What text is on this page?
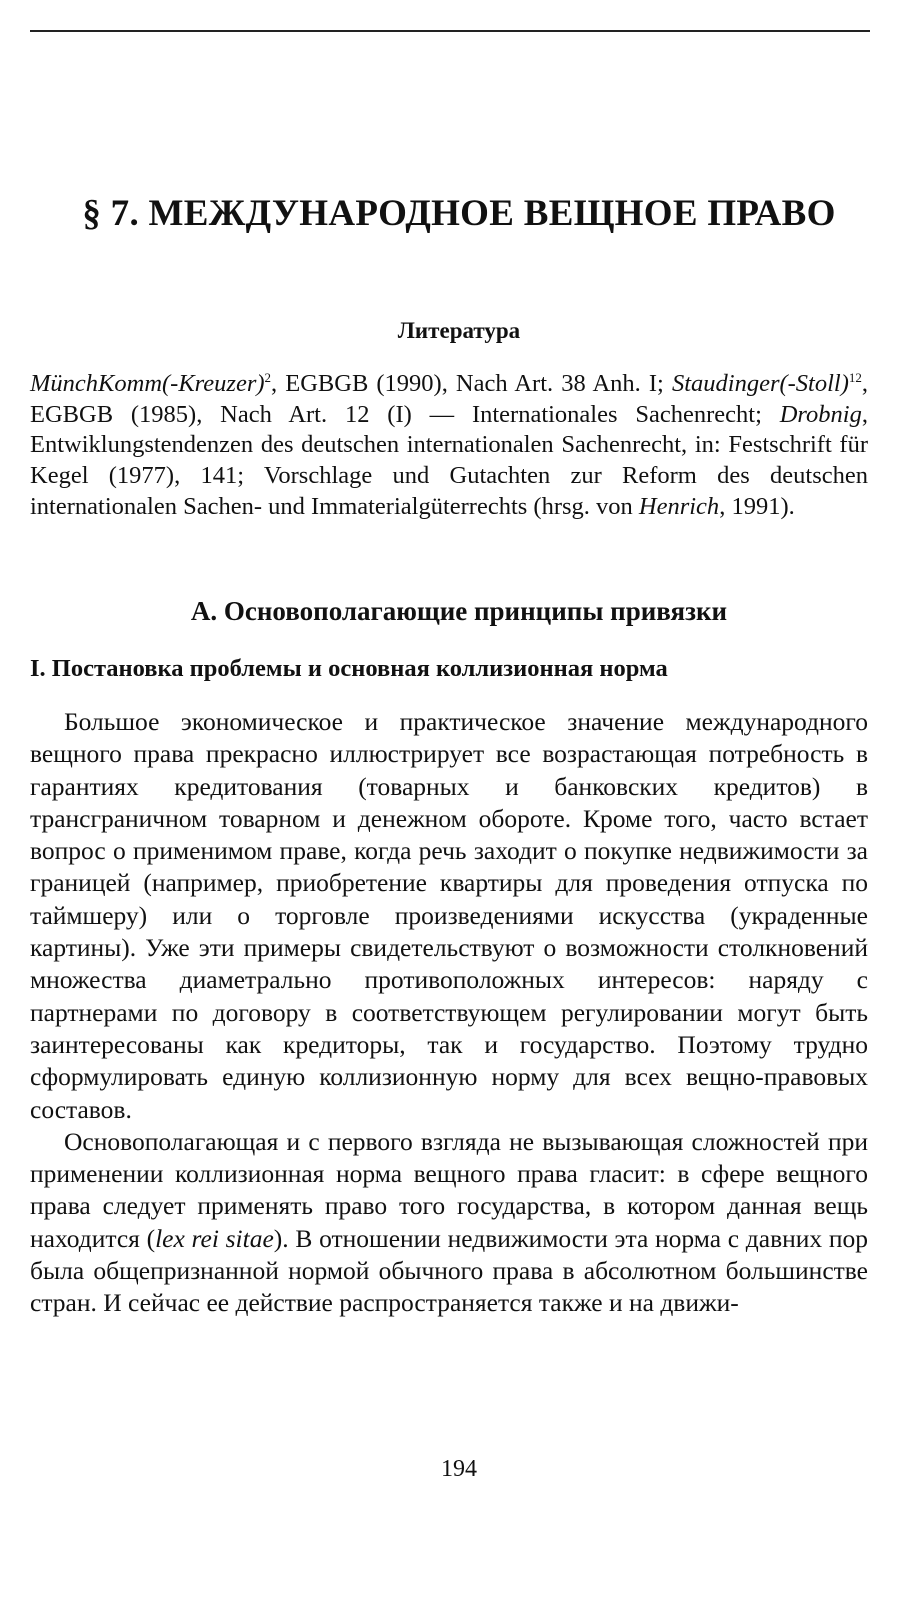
§ 7. МЕЖДУНАРОДНОЕ ВЕЩНОЕ ПРАВО
Литература

MünchKomm(-Kreuzer)$^2$, EGBGB (1990), Nach Art. 38 Anh. I; Staudinger(-Stoll)$^{12}$, EGBGB (1985), Nach Art. 12 (I) — Internationales Sachenrecht; Drobnig, Entwiklungstendenzen des deutschen internationalen Sachenrecht, in: Festschrift für Kegel (1977), 141; Vorschlage und Gutachten zur Reform des deutschen internationalen Sachen- und Immaterialgüterrechts (hrsg. von Henrich, 1991).

А. Основополагающие принципы привязки
I. Постановка проблемы и основная коллизионная норма

Большое экономическое и практическое значение международного вещного права прекрасно иллюстрирует все возрастающая потребность в гарантиях кредитования (товарных и банковских кредитов) в трансграничном товарном и денежном обороте. Кроме того, часто встает вопрос о применимом праве, когда речь заходит о покупке недвижимости за границей (например, приобретение квартиры для проведения отпуска по таймшеру) или о торговле произведениями искусства (украденные картины). Уже эти примеры свидетельствуют о возможности столкновений множества диаметрально противоположных интересов: наряду с партнерами по договору в соответствующем регулировании могут быть заинтересованы как кредиторы, так и государство. Поэтому трудно сформулировать единую коллизионную норму для всех вещно-правовых составов.

Основополагающая и с первого взгляда не вызывающая сложностей при применении коллизионная норма вещного права гласит: в сфере вещного права следует применять право того государства, в котором данная вещь находится (lex rei sitae). В отношении недвижимости эта норма с давних пор была общепризнанной нормой обычного права в абсолютном большинстве стран. И сейчас ее действие распространяется также и на движи-

194
